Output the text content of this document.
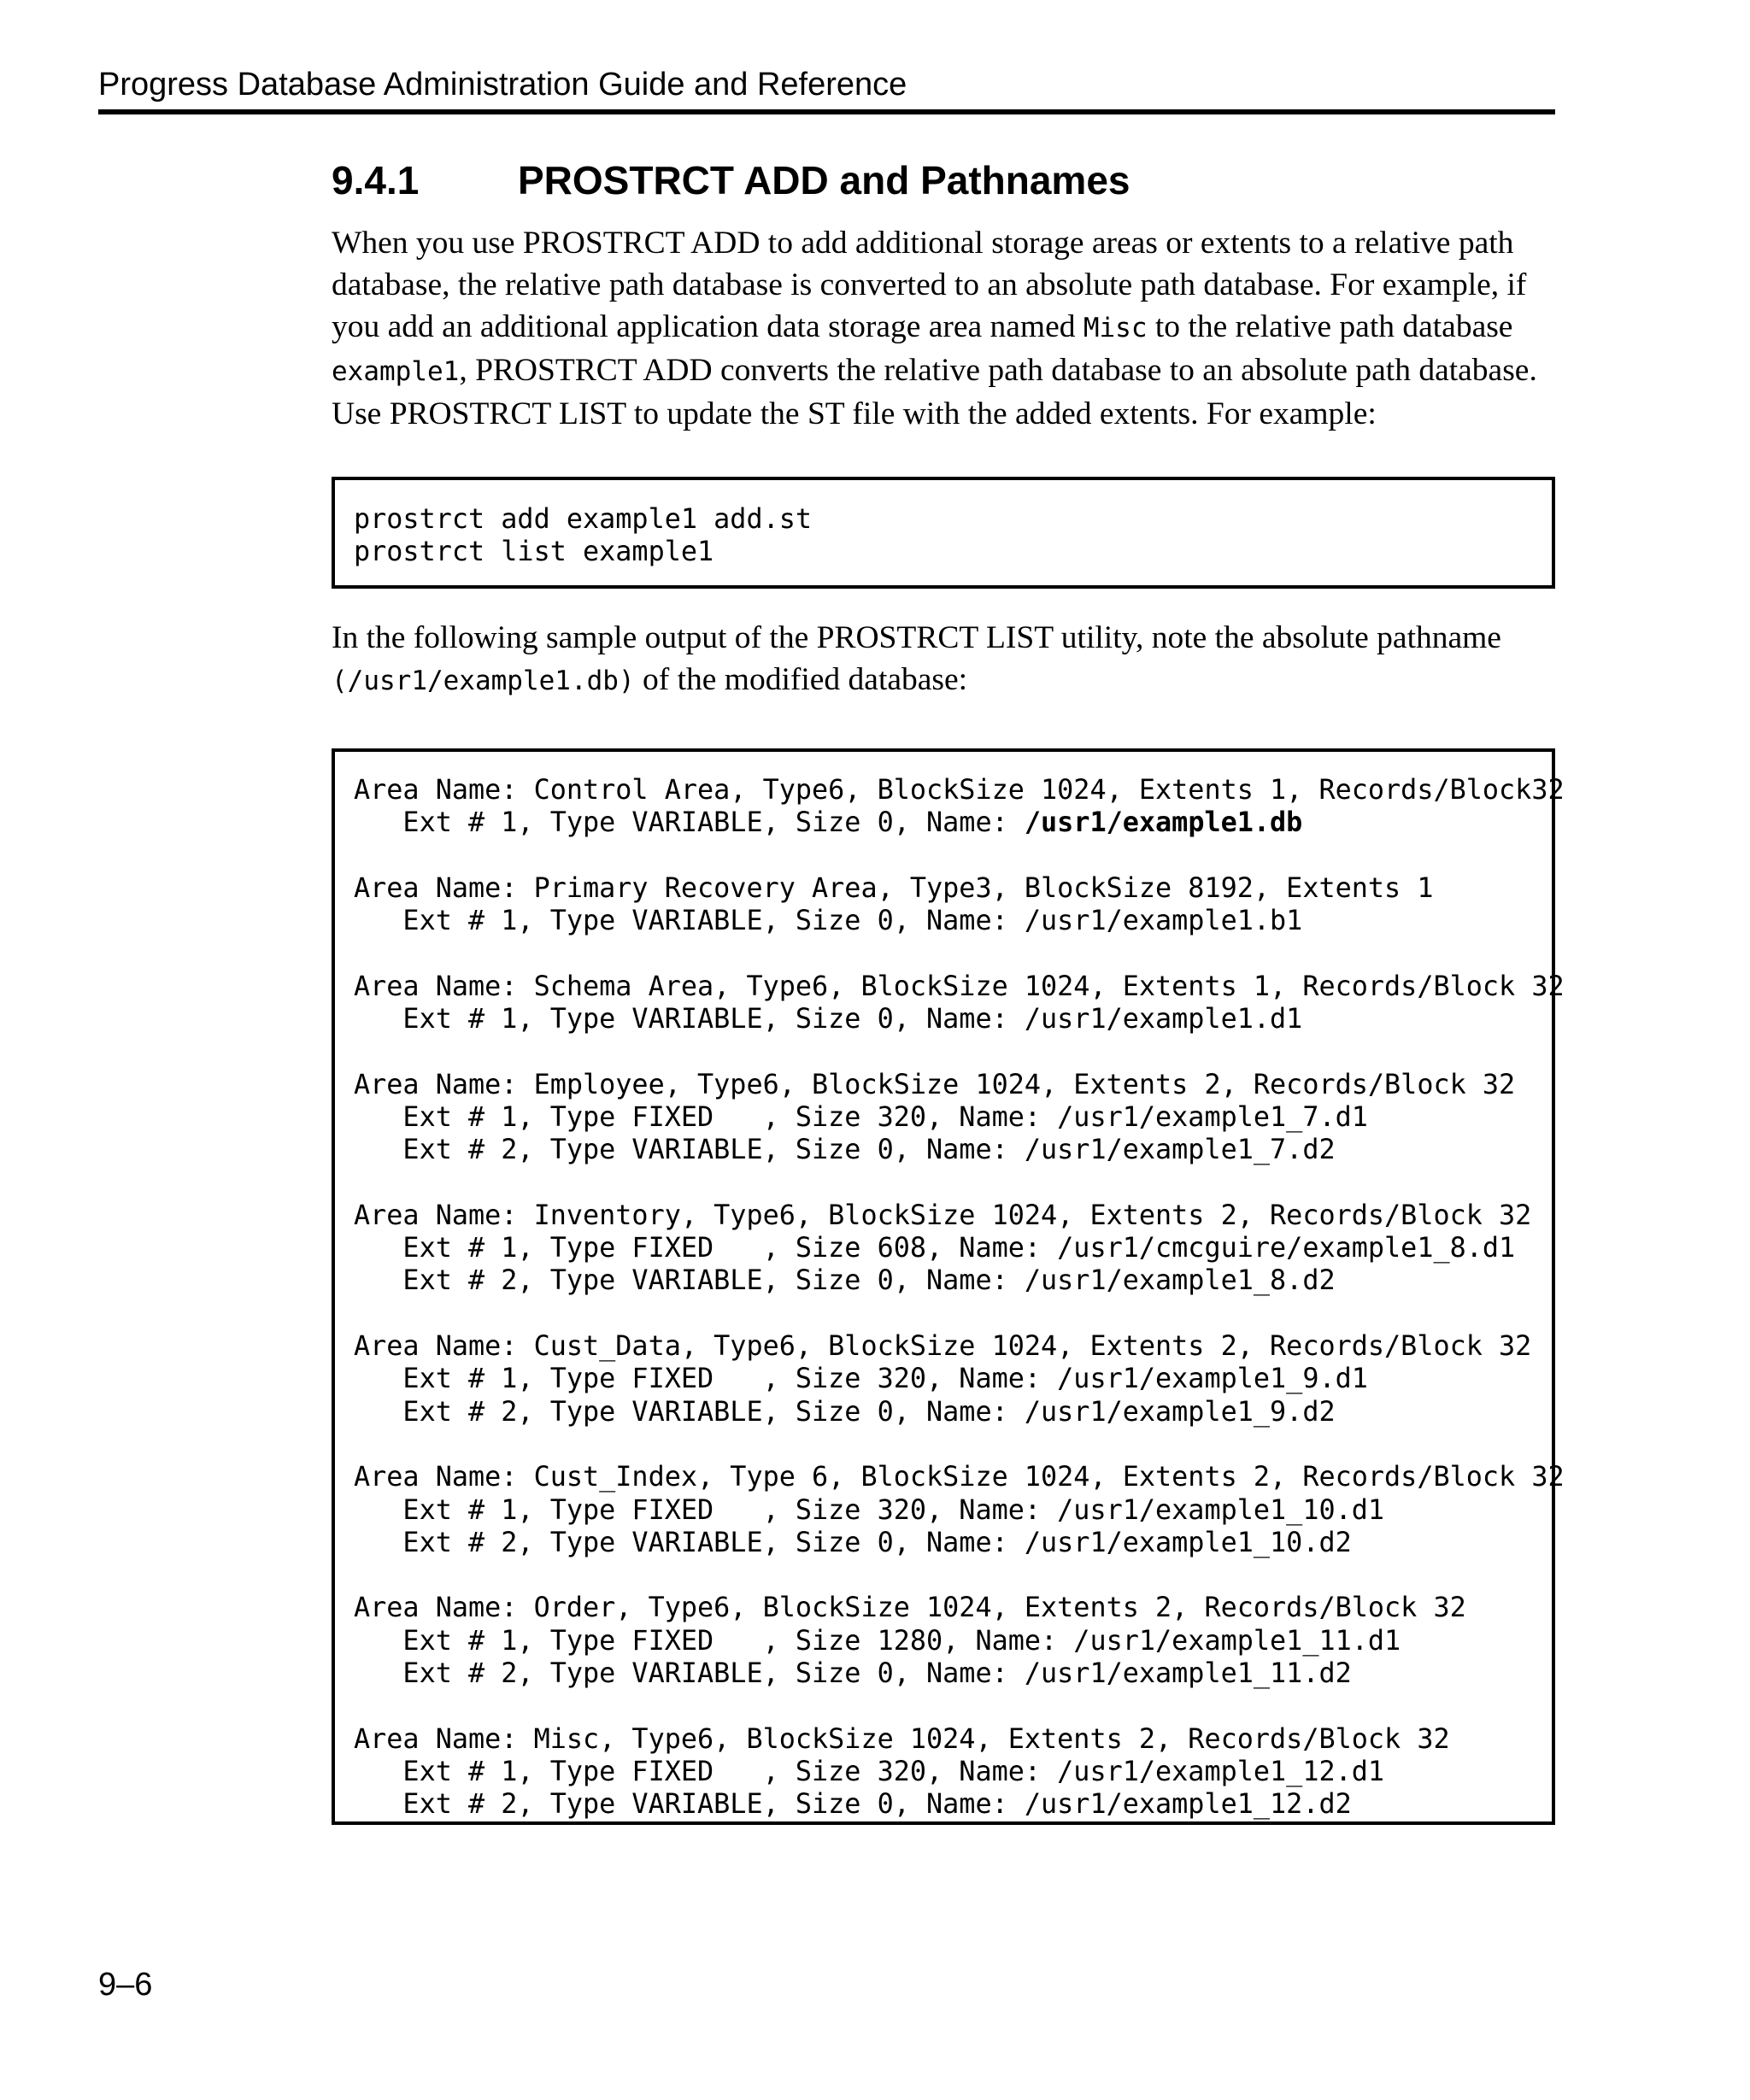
Progress Database Administration Guide and Reference
9.4.1	PROSTRCT ADD and Pathnames
When you use PROSTRCT ADD to add additional storage areas or extents to a relative path
database, the relative path database is converted to an absolute path database. For example, if
you add an additional application data storage area named Misc to the relative path database
example1, PROSTRCT ADD converts the relative path database to an absolute path database.
Use PROSTRCT LIST to update the ST file with the added extents. For example:
prostrct add example1 add.st
prostrct list example1
In the following sample output of the PROSTRCT LIST utility, note the absolute pathname
(/usr1/example1.db) of the modified database:
Area Name: Control Area, Type6, BlockSize 1024, Extents 1, Records/Block32
Ext # 1, Type VARIABLE, Size 0, Name: /usr1/example1.db

Area Name: Primary Recovery Area, Type3, BlockSize 8192, Extents 1
Ext # 1, Type VARIABLE, Size 0, Name: /usr1/example1.b1

Area Name: Schema Area, Type6, BlockSize 1024, Extents 1, Records/Block 32
Ext # 1, Type VARIABLE, Size 0, Name: /usr1/example1.d1

Area Name: Employee, Type6, BlockSize 1024, Extents 2, Records/Block 32
Ext # 1, Type FIXED   , Size 320, Name: /usr1/example1_7.d1
Ext # 2, Type VARIABLE, Size 0, Name: /usr1/example1_7.d2

Area Name: Inventory, Type6, BlockSize 1024, Extents 2, Records/Block 32
Ext # 1, Type FIXED   , Size 608, Name: /usr1/cmcguire/example1_8.d1
Ext # 2, Type VARIABLE, Size 0, Name: /usr1/example1_8.d2

Area Name: Cust_Data, Type6, BlockSize 1024, Extents 2, Records/Block 32
Ext # 1, Type FIXED   , Size 320, Name: /usr1/example1_9.d1
Ext # 2, Type VARIABLE, Size 0, Name: /usr1/example1_9.d2

Area Name: Cust_Index, Type 6, BlockSize 1024, Extents 2, Records/Block 32
Ext # 1, Type FIXED   , Size 320, Name: /usr1/example1_10.d1
Ext # 2, Type VARIABLE, Size 0, Name: /usr1/example1_10.d2

Area Name: Order, Type6, BlockSize 1024, Extents 2, Records/Block 32
Ext # 1, Type FIXED   , Size 1280, Name: /usr1/example1_11.d1
Ext # 2, Type VARIABLE, Size 0, Name: /usr1/example1_11.d2

Area Name: Misc, Type6, BlockSize 1024, Extents 2, Records/Block 32
Ext # 1, Type FIXED   , Size 320, Name: /usr1/example1_12.d1
Ext # 2, Type VARIABLE, Size 0, Name: /usr1/example1_12.d2
9–6
